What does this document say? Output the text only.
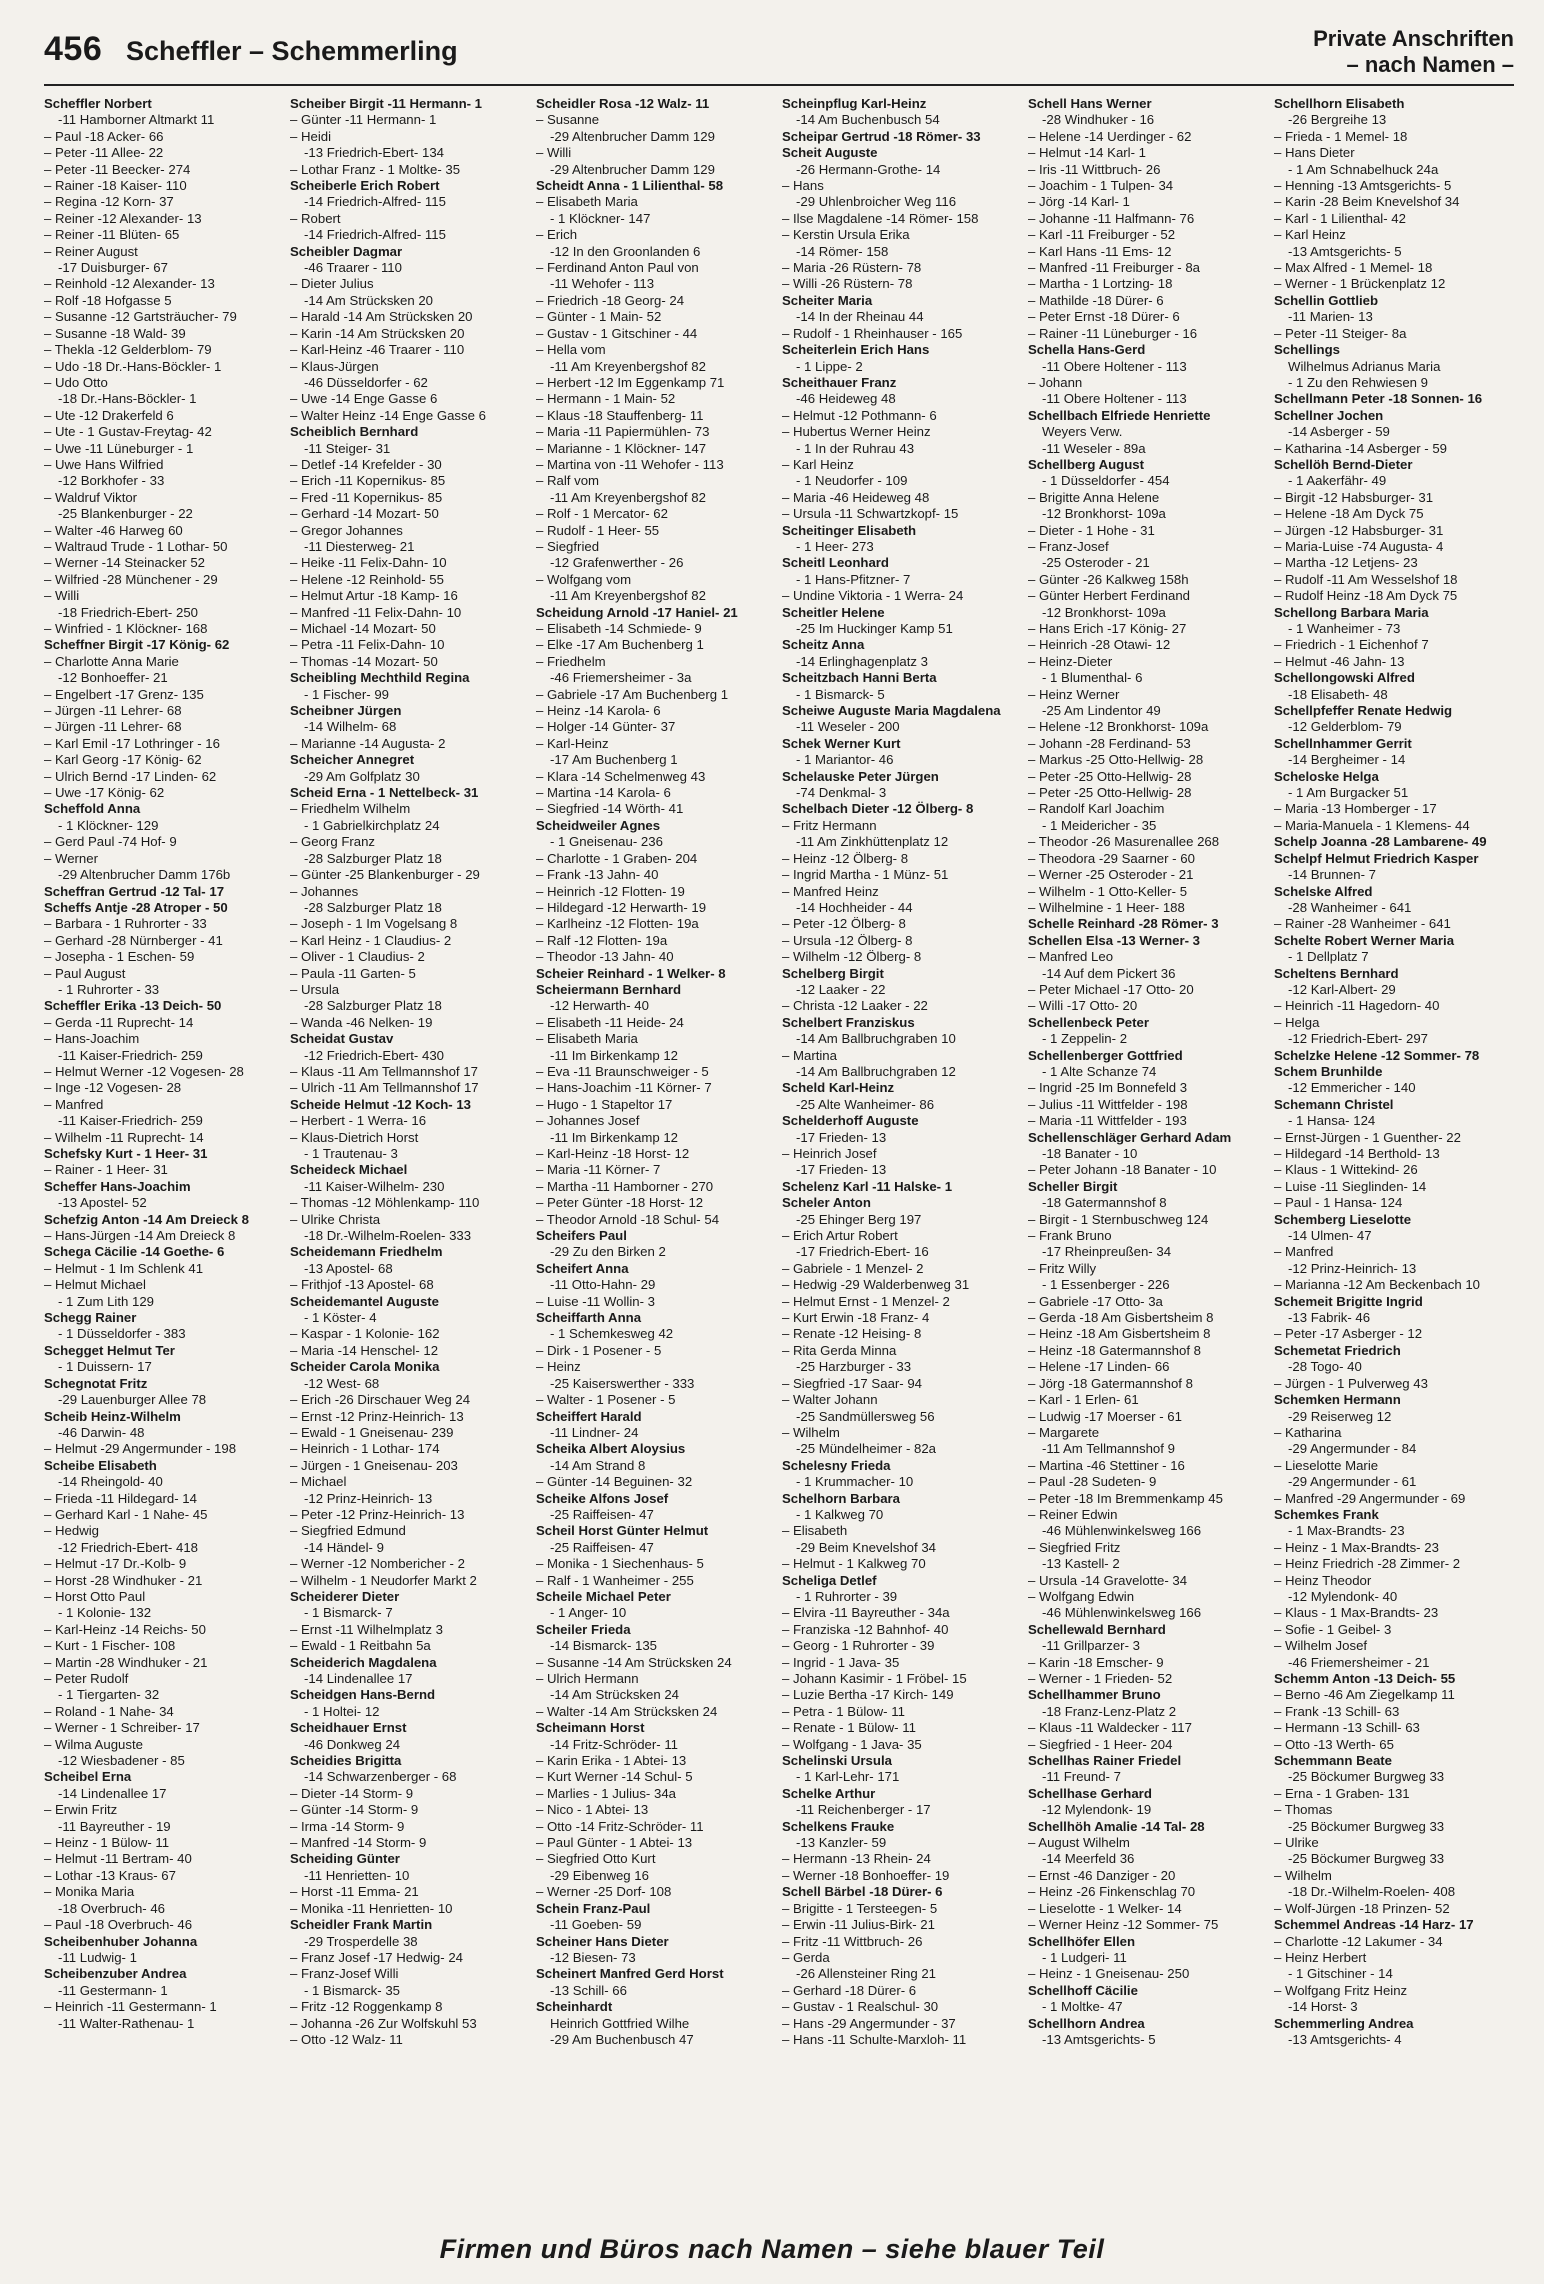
456 Scheffler – Schemmerling	Private Anschriften
– nach Namen –
Scheffler Norbert
-11 Hamborner Altmarkt 11
– Paul -18 Acker- 66
– Peter -11 Allee- 22
– Peter -11 Beecker- 274
– Rainer -18 Kaiser- 110
– Regina -12 Korn- 37
– Reiner -12 Alexander- 13
– Reiner -11 Blüten- 65
– Reiner August
-17 Duisburger- 67
– Reinhold -12 Alexander- 13
– Rolf -18 Hofgasse 5
– Susanne -12 Gartsträucher- 79
– Susanne -18 Wald- 39
– Thekla -12 Gelderblom- 79
– Udo -18 Dr.-Hans-Böckler- 1
– Udo Otto
-18 Dr.-Hans-Böckler- 1
– Ute -12 Drakerfeld 6
– Ute - 1 Gustav-Freytag- 42
– Uwe -11 Lüneburger - 1
– Uwe Hans Wilfried
-12 Borkhofer - 33
– Waldruf Viktor
-25 Blankenburger - 22
– Walter -46 Harweg 60
– Waltraud Trude - 1 Lothar- 50
– Werner -14 Steinacker 52
– Wilfried -28 Münchener - 29
– Willi
-18 Friedrich-Ebert- 250
– Winfried - 1 Klöckner- 168
Scheffner Birgit -17 König- 62
– Charlotte Anna Marie
-12 Bonhoeffer- 21
– Engelbert -17 Grenz- 135
– Jürgen -11 Lehrer- 68
– Jürgen -11 Lehrer- 68
– Karl Emil -17 Lothringer - 16
– Karl Georg -17 König- 62
– Ulrich Bernd -17 Linden- 62
– Uwe -17 König- 62
Scheffold Anna
- 1 Klöckner- 129
– Gerd Paul -74 Hof- 9
– Werner
-29 Altenbrucher Damm 176b
Scheffran Gertrud -12 Tal- 17
Scheffs Antje -28 Atroper - 50
– Barbara - 1 Ruhrorter - 33
– Gerhard -28 Nürnberger - 41
– Josepha - 1 Eschen- 59
– Paul August
- 1 Ruhrorter - 33
Scheffler Erika -13 Deich- 50
– Gerda -11 Ruprecht- 14
– Hans-Joachim
-11 Kaiser-Friedrich- 259
– Helmut Werner -12 Vogesen- 28
– Inge -12 Vogesen- 28
– Manfred
-11 Kaiser-Friedrich- 259
– Wilhelm -11 Ruprecht- 14
Schefsky Kurt - 1 Heer- 31
– Rainer - 1 Heer- 31
Scheffer Hans-Joachim
-13 Apostel- 52
Schefzig Anton -14 Am Dreieck 8
– Hans-Jürgen -14 Am Dreieck 8
Schega Cäcilie -14 Goethe- 6
– Helmut - 1 Im Schlenk 41
– Helmut Michael
- 1 Zum Lith 129
Schegg Rainer
- 1 Düsseldorfer - 383
Schegget Helmut Ter
- 1 Duissern- 17
Schegnotat Fritz
-29 Lauenburger Allee 78
Scheib Heinz-Wilhelm
-46 Darwin- 48
– Helmut -29 Angermunder - 198
Scheibe Elisabeth
-14 Rheingold- 40
– Frieda -11 Hildegard- 14
– Gerhard Karl - 1 Nahe- 45
– Hedwig
-12 Friedrich-Ebert- 418
– Helmut -17 Dr.-Kolb- 9
– Horst -28 Windhuker - 21
– Horst Otto Paul
- 1 Kolonie- 132
– Karl-Heinz -14 Reichs- 50
– Kurt - 1 Fischer- 108
– Martin -28 Windhuker - 21
– Peter Rudolf
- 1 Tiergarten- 32
– Roland - 1 Nahe- 34
– Werner - 1 Schreiber- 17
– Wilma Auguste
-12 Wiesbadener - 85
Scheibel Erna
-14 Lindenallee 17
– Erwin Fritz
-11 Bayreuther - 19
– Heinz - 1 Bülow- 11
– Helmut -11 Bertram- 40
– Lothar -13 Kraus- 67
– Monika Maria
-18 Overbruch- 46
– Paul -18 Overbruch- 46
Scheibenhuber Johanna
-11 Ludwig- 1
Scheibenzuber Andrea
-11 Gestermann- 1
– Heinrich -11 Gestermann- 1
-11 Walter-Rathenau- 1
Scheiber Birgit -11 Hermann- 1
– Günter -11 Hermann- 1
– Heidi
-13 Friedrich-Ebert- 134
– Lothar Franz - 1 Moltke- 35
Scheiberle Erich Robert
-14 Friedrich-Alfred- 115
– Robert
-14 Friedrich-Alfred- 115
Scheibler Dagmar
-46 Traarer - 110
– Dieter Julius
-14 Am Strücksken 20
– Harald -14 Am Strücksken 20
– Karin -14 Am Strücksken 20
– Karl-Heinz -46 Traarer - 110
– Klaus-Jürgen
-46 Düsseldorfer - 62
– Uwe -14 Enge Gasse 6
– Walter Heinz -14 Enge Gasse 6
Scheiblich Bernhard
-11 Steiger- 31
– Detlef -14 Krefelder - 30
– Erich -11 Kopernikus- 85
– Fred -11 Kopernikus- 85
– Gerhard -14 Mozart- 50
– Gregor Johannes
-11 Diesterweg- 21
– Heike -11 Felix-Dahn- 10
– Helene -12 Reinhold- 55
– Helmut Artur -18 Kamp- 16
– Manfred -11 Felix-Dahn- 10
– Michael -14 Mozart- 50
– Petra -11 Felix-Dahn- 10
– Thomas -14 Mozart- 50
Scheibling Mechthild Regina
- 1 Fischer- 99
Scheibner Jürgen
-14 Wilhelm- 68
– Marianne -14 Augusta- 2
Scheicher Annegret
-29 Am Golfplatz 30
Scheid Erna - 1 Nettelbeck- 31
– Friedhelm Wilhelm
- 1 Gabrielkirchplatz 24
– Georg Franz
-28 Salzburger Platz 18
– Günter -25 Blankenburger - 29
– Johannes
-28 Salzburger Platz 18
– Joseph - 1 Im Vogelsang 8
– Karl Heinz - 1 Claudius- 2
– Oliver - 1 Claudius- 2
– Paula -11 Garten- 5
– Ursula
-28 Salzburger Platz 18
– Wanda -46 Nelken- 19
Scheidat Gustav
-12 Friedrich-Ebert- 430
– Klaus -11 Am Tellmannshof 17
– Ulrich -11 Am Tellmannshof 17
Scheide Helmut -12 Koch- 13
– Herbert - 1 Werra- 16
– Klaus-Dietrich Horst
- 1 Trautenau- 3
Scheideck Michael
-11 Kaiser-Wilhelm- 230
– Thomas -12 Möhlenkamp- 110
– Ulrike Christa
-18 Dr.-Wilhelm-Roelen- 333
Scheidemann Friedhelm
-13 Apostel- 68
– Frithjof -13 Apostel- 68
Scheidemantel Auguste
- 1 Köster- 4
– Kaspar - 1 Kolonie- 162
– Maria -14 Henschel- 12
Scheider Carola Monika
-12 West- 68
– Erich -26 Dirschauer Weg 24
– Ernst -12 Prinz-Heinrich- 13
– Ewald - 1 Gneisenau- 239
– Heinrich - 1 Lothar- 174
– Jürgen - 1 Gneisenau- 203
– Michael
-12 Prinz-Heinrich- 13
– Peter -12 Prinz-Heinrich- 13
– Siegfried Edmund
-14 Händel- 9
– Werner -12 Nombericher - 2
– Wilhelm - 1 Neudorfer Markt 2
Scheiderer Dieter
- 1 Bismarck- 7
– Ernst -11 Wilhelmplatz 3
– Ewald - 1 Reitbahn 5a
Scheiderich Magdalena
-14 Lindenallee 17
Scheidgen Hans-Bernd
- 1 Holtei- 12
Scheidhauer Ernst
-46 Donkweg 24
Scheidies Brigitta
-14 Schwarzenberger - 68
– Dieter -14 Storm- 9
– Günter -14 Storm- 9
– Irma -14 Storm- 9
– Manfred -14 Storm- 9
Scheiding Günter
-11 Henrietten- 10
– Horst -11 Emma- 21
– Monika -11 Henrietten- 10
Scheidler Frank Martin
-29 Trosperdelle 38
– Franz Josef -17 Hedwig- 24
– Franz-Josef Willi
- 1 Bismarck- 35
– Fritz -12 Roggenkamp 8
– Johanna -26 Zur Wolfskuhl 53
– Otto -12 Walz- 11
Scheidler Rosa -12 Walz- 11
– Susanne
-29 Altenbrucher Damm 129
– Willi
-29 Altenbrucher Damm 129
Scheidt Anna - 1 Lilienthal- 58
– Elisabeth Maria
- 1 Klöckner- 147
– Erich
-12 In den Groonlanden 6
– Ferdinand Anton Paul von
-11 Wehofer - 113
– Friedrich -18 Georg- 24
– Günter - 1 Main- 52
– Gustav - 1 Gitschiner - 44
– Hella vom
-11 Am Kreyenbergshof 82
– Herbert -12 Im Eggenkamp 71
– Hermann - 1 Main- 52
– Klaus -18 Stauffenberg- 11
– Maria -11 Papiermühlen- 73
– Marianne - 1 Klöckner- 147
– Martina von -11 Wehofer - 113
– Ralf vom
-11 Am Kreyenbergshof 82
– Rolf - 1 Mercator- 62
– Rudolf - 1 Heer- 55
– Siegfried
-12 Grafenwerther - 26
– Wolfgang vom
-11 Am Kreyenbergshof 82
Scheidung Arnold -17 Haniel- 21
– Elisabeth -14 Schmiede- 9
– Elke -17 Am Buchenberg 1
– Friedhelm
-46 Friemersheimer - 3a
– Gabriele -17 Am Buchenberg 1
– Heinz -14 Karola- 6
– Holger -14 Günter- 37
– Karl-Heinz
-17 Am Buchenberg 1
– Klara -14 Schelmenweg 43
– Martina -14 Karola- 6
– Siegfried -14 Wörth- 41
Scheidweiler Agnes
- 1 Gneisenau- 236
– Charlotte - 1 Graben- 204
– Frank -13 Jahn- 40
– Heinrich -12 Flotten- 19
– Hildegard -12 Herwarth- 19
– Karlheinz -12 Flotten- 19a
– Ralf -12 Flotten- 19a
– Theodor -13 Jahn- 40
Scheier Reinhard - 1 Welker- 8
Scheiermann Bernhard
-12 Herwarth- 40
– Elisabeth -11 Heide- 24
– Elisabeth Maria
-11 Im Birkenkamp 12
– Eva -11 Braunschweiger - 5
– Hans-Joachim -11 Körner- 7
– Hugo - 1 Stapeltor 17
– Johannes Josef
-11 Im Birkenkamp 12
– Karl-Heinz -18 Horst- 12
– Maria -11 Körner- 7
– Martha -11 Hamborner - 270
– Peter Günter -18 Horst- 12
– Theodor Arnold -18 Schul- 54
Scheifers Paul
-29 Zu den Birken 2
Scheifert Anna
-11 Otto-Hahn- 29
– Luise -11 Wollin- 3
Scheiffarth Anna
- 1 Schemkesweg 42
– Dirk - 1 Posener - 5
– Heinz
-25 Kaiserswerther - 333
– Walter - 1 Posener - 5
Scheiffert Harald
-11 Lindner- 24
Scheika Albert Aloysius
-14 Am Strand 8
– Günter -14 Beguinen- 32
Scheike Alfons Josef
-25 Raiffeisen- 47
Scheil Horst Günter Helmut
-25 Raiffeisen- 47
– Monika - 1 Siechenhaus- 5
– Ralf - 1 Wanheimer - 255
Scheile Michael Peter
- 1 Anger- 10
Scheiler Frieda
-14 Bismarck- 135
– Susanne -14 Am Strücksken 24
– Ulrich Hermann
-14 Am Strücksken 24
– Walter -14 Am Strücksken 24
Scheimann Horst
-14 Fritz-Schröder- 11
– Karin Erika - 1 Abtei- 13
– Kurt Werner -14 Schul- 5
– Marlies - 1 Julius- 34a
– Nico - 1 Abtei- 13
– Otto -14 Fritz-Schröder- 11
– Paul Günter - 1 Abtei- 13
– Siegfried Otto Kurt
-29 Eibenweg 16
– Werner -25 Dorf- 108
Schein Franz-Paul
-11 Goeben- 59
Scheiner Hans Dieter
-12 Biesen- 73
Scheinert Manfred Gerd Horst
-13 Schill- 66
Scheinhardt
Heinrich Gottfried Wilhe
-29 Am Buchenbusch 47
Scheinpflug Karl-Heinz
-14 Am Buchenbusch 54
Scheipar Gertrud -18 Römer- 33
Scheit Auguste
-26 Hermann-Grothe- 14
– Hans
-29 Uhlenbroicher Weg 116
– Ilse Magdalene -14 Römer- 158
– Kerstin Ursula Erika
-14 Römer- 158
– Maria -26 Rüstern- 78
– Willi -26 Rüstern- 78
Scheiter Maria
-14 In der Rheinau 44
– Rudolf - 1 Rheinhauser - 165
Scheiterlein Erich Hans
- 1 Lippe- 2
Scheithauer Franz
-46 Heideweg 48
– Helmut -12 Pothmann- 6
– Hubertus Werner Heinz
- 1 In der Ruhrau 43
– Karl Heinz
- 1 Neudorfer - 109
– Maria -46 Heideweg 48
– Ursula -11 Schwartzkopf- 15
Scheitinger Elisabeth
- 1 Heer- 273
Scheitl Leonhard
- 1 Hans-Pfitzner- 7
– Undine Viktoria - 1 Werra- 24
Scheitler Helene
-25 Im Huckinger Kamp 51
Scheitz Anna
-14 Erlinghagenplatz 3
Scheitzbach Hanni Berta
- 1 Bismarck- 5
Scheiwe Auguste Maria Magdalena
-11 Weseler - 200
Schek Werner Kurt
- 1 Mariantor- 46
Schelauske Peter Jürgen
-74 Denkmal- 3
Schelbach Dieter -12 Ölberg- 8
– Fritz Hermann
-11 Am Zinkhüttenplatz 12
– Heinz -12 Ölberg- 8
– Ingrid Martha - 1 Münz- 51
– Manfred Heinz
-14 Hochheider - 44
– Peter -12 Ölberg- 8
– Ursula -12 Ölberg- 8
– Wilhelm -12 Ölberg- 8
Schelberg Birgit
-12 Laaker - 22
– Christa -12 Laaker - 22
Schelbert Franziskus
-14 Am Ballbruchgraben 10
– Martina
-14 Am Ballbruchgraben 12
Scheld Karl-Heinz
-25 Alte Wanheimer- 86
Schelderhoff Auguste
-17 Frieden- 13
– Heinrich Josef
-17 Frieden- 13
Schelenz Karl -11 Halske- 1
Scheler Anton
-25 Ehinger Berg 197
– Erich Artur Robert
-17 Friedrich-Ebert- 16
– Gabriele - 1 Menzel- 2
– Hedwig -29 Walderbenweg 31
– Helmut Ernst - 1 Menzel- 2
– Kurt Erwin -18 Franz- 4
– Renate -12 Heising- 8
– Rita Gerda Minna
-25 Harzburger - 33
– Siegfried -17 Saar- 94
– Walter Johann
-25 Sandmüllersweg 56
– Wilhelm
-25 Mündelheimer - 82a
Schelesny Frieda
- 1 Krummacher- 10
Schelhorn Barbara
- 1 Kalkweg 70
– Elisabeth
-29 Beim Knevelshof 34
– Helmut - 1 Kalkweg 70
Scheliga Detlef
- 1 Ruhrorter - 39
– Elvira -11 Bayreuther - 34a
– Franziska -12 Bahnhof- 40
– Georg - 1 Ruhrorter - 39
– Ingrid - 1 Java- 35
– Johann Kasimir - 1 Fröbel- 15
– Luzie Bertha -17 Kirch- 149
– Petra - 1 Bülow- 11
– Renate - 1 Bülow- 11
– Wolfgang - 1 Java- 35
Schelinski Ursula
- 1 Karl-Lehr- 171
Schelke Arthur
-11 Reichenberger - 17
Schelkens Frauke
-13 Kanzler- 59
– Hermann -13 Rhein- 24
– Werner -18 Bonhoeffer- 19
Schell Bärbel -18 Dürer- 6
– Brigitte - 1 Tersteegen- 5
– Erwin -11 Julius-Birk- 21
– Fritz -11 Wittbruch- 26
– Gerda
-26 Allensteiner Ring 21
– Gerhard -18 Dürer- 6
– Gustav - 1 Realschul- 30
– Hans -29 Angermunder - 37
– Hans -11 Schulte-Marxloh- 11
Schell Hans Werner
-28 Windhuker - 16
– Helene -14 Uerdinger - 62
– Helmut -14 Karl- 1
– Iris -11 Wittbruch- 26
– Joachim - 1 Tulpen- 34
– Jörg -14 Karl- 1
– Johanne -11 Halfmann- 76
– Karl -11 Freiburger - 52
– Karl Hans -11 Ems- 12
– Manfred -11 Freiburger - 8a
– Martha - 1 Lortzing- 18
– Mathilde -18 Dürer- 6
– Peter Ernst -18 Dürer- 6
– Rainer -11 Lüneburger - 16
Schella Hans-Gerd
-11 Obere Holtener - 113
– Johann
-11 Obere Holtener - 113
Schellbach Elfriede Henriette
Weyers Verw.
-11 Weseler - 89a
Schellberg August
- 1 Düsseldorfer - 454
– Brigitte Anna Helene
-12 Bronkhorst- 109a
– Dieter - 1 Hohe - 31
– Franz-Josef
-25 Osteroder - 21
– Günter -26 Kalkweg 158h
– Günter Herbert Ferdinand
-12 Bronkhorst- 109a
– Hans Erich -17 König- 27
– Heinrich -28 Otawi- 12
– Heinz-Dieter
- 1 Blumenthal- 6
– Heinz Werner
-25 Am Lindentor 49
– Helene -12 Bronkhorst- 109a
– Johann -28 Ferdinand- 53
– Markus -25 Otto-Hellwig- 28
– Peter -25 Otto-Hellwig- 28
– Peter -25 Otto-Hellwig- 28
– Randolf Karl Joachim
- 1 Meidericher - 35
– Theodor -26 Masurenallee 268
– Theodora -29 Saarner - 60
– Werner -25 Osteroder - 21
– Wilhelm - 1 Otto-Keller- 5
– Wilhelmine - 1 Heer- 188
Schelle Reinhard -28 Römer- 3
Schellen Elsa -13 Werner- 3
– Manfred Leo
-14 Auf dem Pickert 36
– Peter Michael -17 Otto- 20
– Willi -17 Otto- 20
Schellenbeck Peter
- 1 Zeppelin- 2
Schellenberger Gottfried
- 1 Alte Schanze 74
– Ingrid -25 Im Bonnefeld 3
– Julius -11 Wittfelder - 198
– Maria -11 Wittfelder - 193
Schellenschläger Gerhard Adam
-18 Banater - 10
– Peter Johann -18 Banater - 10
Scheller Birgit
-18 Gatermannshof 8
– Birgit - 1 Sternbuschweg 124
– Frank Bruno
-17 Rheinpreußen- 34
– Fritz Willy
- 1 Essenberger - 226
– Gabriele -17 Otto- 3a
– Gerda -18 Am Gisbertsheim 8
– Heinz -18 Am Gisbertsheim 8
– Heinz -18 Gatermannshof 8
– Helene -17 Linden- 66
– Jörg -18 Gatermannshof 8
– Karl - 1 Erlen- 61
– Ludwig -17 Moerser - 61
– Margarete
-11 Am Tellmannshof 9
– Martina -46 Stettiner - 16
– Paul -28 Sudeten- 9
– Peter -18 Im Bremmenkamp 45
– Reiner Edwin
-46 Mühlenwinkelsweg 166
– Siegfried Fritz
-13 Kastell- 2
– Ursula -14 Gravelotte- 34
– Wolfgang Edwin
-46 Mühlenwinkelsweg 166
Schellewald Bernhard
-11 Grillparzer- 3
– Karin -18 Emscher- 9
– Werner - 1 Frieden- 52
Schellhammer Bruno
-18 Franz-Lenz-Platz 2
– Klaus -11 Waldecker - 117
– Siegfried - 1 Heer- 204
Schellhas Rainer Friedel
-11 Freund- 7
Schellhase Gerhard
-12 Mylendonk- 19
Schellhöh Amalie -14 Tal- 28
– August Wilhelm
-14 Meerfeld 36
– Ernst -46 Danziger - 20
– Heinz -26 Finkenschlag 70
– Lieselotte - 1 Welker- 14
– Werner Heinz -12 Sommer- 75
Schellhöfer Ellen
- 1 Ludgeri- 11
– Heinz - 1 Gneisenau- 250
Schellhoff Cäcilie
- 1 Moltke- 47
Schellhorn Andrea
-13 Amtsgerichts- 5
Schellhorn Elisabeth
-26 Bergreihe 13
– Frieda - 1 Memel- 18
– Hans Dieter
- 1 Am Schnabelhuck 24a
– Henning -13 Amtsgerichts- 5
– Karin -28 Beim Knevelshof 34
– Karl - 1 Lilienthal- 42
– Karl Heinz
-13 Amtsgerichts- 5
– Max Alfred - 1 Memel- 18
– Werner - 1 Brückenplatz 12
Schellin Gottlieb
-11 Marien- 13
– Peter -11 Steiger- 8a
Schellings
Wilhelmus Adrianus Maria
- 1 Zu den Rehwiesen 9
Schellmann Peter -18 Sonnen- 16
Schellner Jochen
-14 Asberger - 59
– Katharina -14 Asberger - 59
Schellöh Bernd-Dieter
- 1 Aakerfähr- 49
– Birgit -12 Habsburger- 31
– Helene -18 Am Dyck 75
– Jürgen -12 Habsburger- 31
– Maria-Luise -74 Augusta- 4
– Martha -12 Letjens- 23
– Rudolf -11 Am Wesselshof 18
– Rudolf Heinz -18 Am Dyck 75
Schellong Barbara Maria
- 1 Wanheimer - 73
– Friedrich - 1 Eichenhof 7
– Helmut -46 Jahn- 13
Schellongowski Alfred
-18 Elisabeth- 48
Schellpfeffer Renate Hedwig
-12 Gelderblom- 79
Schellnhammer Gerrit
-14 Bergheimer - 14
Scheloske Helga
- 1 Am Burgacker 51
– Maria -13 Homberger - 17
– Maria-Manuela - 1 Klemens- 44
Schelp Joanna -28 Lambarene- 49
Schelpf Helmut Friedrich Kasper
-14 Brunnen- 7
Schelske Alfred
-28 Wanheimer - 641
– Rainer -28 Wanheimer - 641
Schelte Robert Werner Maria
- 1 Dellplatz 7
Scheltens Bernhard
-12 Karl-Albert- 29
– Heinrich -11 Hagedorn- 40
– Helga
-12 Friedrich-Ebert- 297
Schelzke Helene -12 Sommer- 78
Schem Brunhilde
-12 Emmericher - 140
Schemann Christel
- 1 Hansa- 124
– Ernst-Jürgen - 1 Guenther- 22
– Hildegard -14 Berthold- 13
– Klaus - 1 Wittekind- 26
– Luise -11 Sieglinden- 14
– Paul - 1 Hansa- 124
Schemberg Lieselotte
-14 Ulmen- 47
– Manfred
-12 Prinz-Heinrich- 13
– Marianna -12 Am Beckenbach 10
Schemeit Brigitte Ingrid
-13 Fabrik- 46
– Peter -17 Asberger - 12
Schemetat Friedrich
-28 Togo- 40
– Jürgen - 1 Pulverweg 43
Schemken Hermann
-29 Reiserweg 12
– Katharina
-29 Angermunder - 84
– Lieselotte Marie
-29 Angermunder - 61
– Manfred -29 Angermunder - 69
Schemkes Frank
- 1 Max-Brandts- 23
– Heinz - 1 Max-Brandts- 23
– Heinz Friedrich -28 Zimmer- 2
– Heinz Theodor
-12 Mylendonk- 40
– Klaus - 1 Max-Brandts- 23
– Sofie - 1 Geibel- 3
– Wilhelm Josef
-46 Friemersheimer - 21
Schemm Anton -13 Deich- 55
– Berno -46 Am Ziegelkamp 11
– Frank -13 Schill- 63
– Hermann -13 Schill- 63
– Otto -13 Werth- 65
Schemmann Beate
-25 Böckumer Burgweg 33
– Erna - 1 Graben- 131
– Thomas
-25 Böckumer Burgweg 33
– Ulrike
-25 Böckumer Burgweg 33
– Wilhelm
-18 Dr.-Wilhelm-Roelen- 408
– Wolf-Jürgen -18 Prinzen- 52
Schemmel Andreas -14 Harz- 17
– Charlotte -12 Lakumer - 34
– Heinz Herbert
- 1 Gitschiner - 14
– Wolfgang Fritz Heinz
-14 Horst- 3
Schemmerling Andrea
-13 Amtsgerichts- 4
Firmen und Büros nach Namen – siehe blauer Teil
